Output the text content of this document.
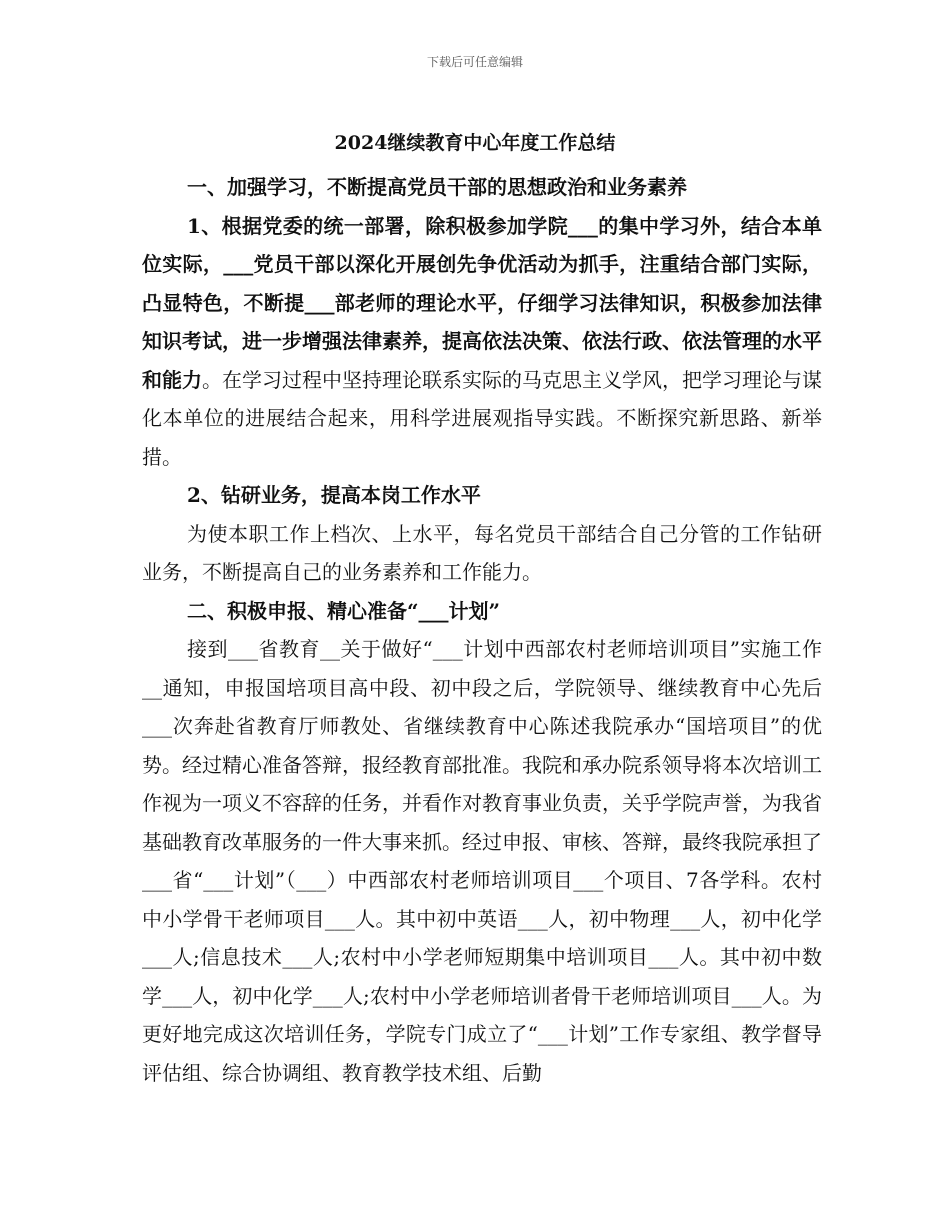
下载后可任意编辑
2024继续教育中心年度工作总结

一、加强学习，不断提高党员干部的思想政治和业务素养

1、根据党委的统一部署，除积极参加学院___的集中学习外，结合本单位实际，___党员干部以深化开展创先争优活动为抓手，注重结合部门实际，凸显特色，不断提___部老师的理论水平，仔细学习法律知识，积极参加法律知识考试，进一步增强法律素养，提高依法决策、依法行政、依法管理的水平和能力。在学习过程中坚持理论联系实际的马克思主义学风，把学习理论与谋化本单位的进展结合起来，用科学进展观指导实践。不断探究新思路、新举措。

2、钻研业务，提高本岗工作水平

为使本职工作上档次、上水平，每名党员干部结合自己分管的工作钻研业务，不断提高自己的业务素养和工作能力。

二、积极申报、精心准备“___计划”

接到___省教育__关于做好“___计划中西部农村老师培训项目”实施工作__通知，申报国培项目高中段、初中段之后，学院领导、继续教育中心先后___次奔赴省教育厅师教处、省继续教育中心陈述我院承办“国培项目”的优势。经过精心准备答辩，报经教育部批准。我院和承办院系领导将本次培训工作视为一项义不容辞的任务，并看作对教育事业负责，关乎学院声誉，为我省基础教育改革服务的一件大事来抓。经过申报、审核、答辩，最终我院承担了___省“___计划”（___）中西部农村老师培训项目___个项目、7各学科。农村中小学骨干老师项目___人。其中初中英语___人，初中物理___人，初中化学___人;信息技术___人;农村中小学老师短期集中培训项目___人。其中初中数学___人，初中化学___人;农村中小学老师培训者骨干老师培训项目___人。为更好地完成这次培训任务，学院专门成立了“___计划”工作专家组、教学督导评估组、综合协调组、教育教学技术组、后勤
